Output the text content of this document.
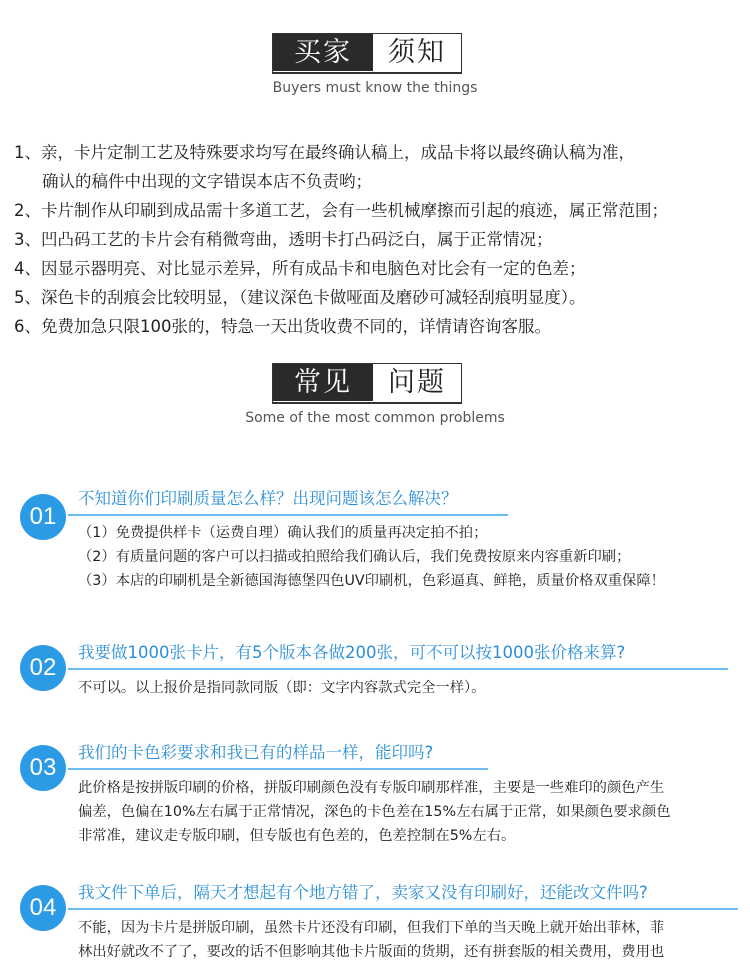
买家	须知
Buyers must know the things
1、亲，卡片定制工艺及特殊要求均写在最终确认稿上，成品卡将以最终确认稿为准，
确认的稿件中出现的文字错误本店不负责哟；
2、卡片制作从印刷到成品需十多道工艺，会有一些机械摩擦而引起的痕迹，属正常范围；
3、凹凸码工艺的卡片会有稍微弯曲，透明卡打凸码泛白，属于正常情况；
4、因显示器明亮、对比显示差异，所有成品卡和电脑色对比会有一定的色差；
5、深色卡的刮痕会比较明显，（建议深色卡做哑面及磨砂可减轻刮痕明显度）。
6、免费加急只限100张的，特急一天出货收费不同的，详情请咨询客服。
常见	问题
Some of the most common problems
01
不知道你们印刷质量怎么样？出现问题该怎么解决？
（1）免费提供样卡（运费自理）确认我们的质量再决定拍不拍；
（2）有质量问题的客户可以扫描或拍照给我们确认后，我们免费按原来内容重新印刷；
（3）本店的印刷机是全新德国海德堡四色UV印刷机，色彩逼真、鲜艳，质量价格双重保障！
02
我要做1000张卡片，有5个版本各做200张，可不可以按1000张价格来算?
不可以。以上报价是指同款同版（即：文字内容款式完全一样）。
03
我们的卡色彩要求和我已有的样品一样，能印吗?
此价格是按拼版印刷的价格，拼版印刷颜色没有专版印刷那样准，主要是一些难印的颜色产生
偏差，色偏在10%左右属于正常情况，深色的卡色差在15%左右属于正常，如果颜色要求颜色
非常准，建议走专版印刷，但专版也有色差的，色差控制在5%左右。
04
我文件下单后，隔天才想起有个地方错了，卖家又没有印刷好，还能改文件吗?
不能，因为卡片是拼版印刷，虽然卡片还没有印刷，但我们下单的当天晚上就开始出菲林，菲
林出好就改不了了，要改的话不但影响其他卡片版面的货期，还有拼套版的相关费用，费用也
